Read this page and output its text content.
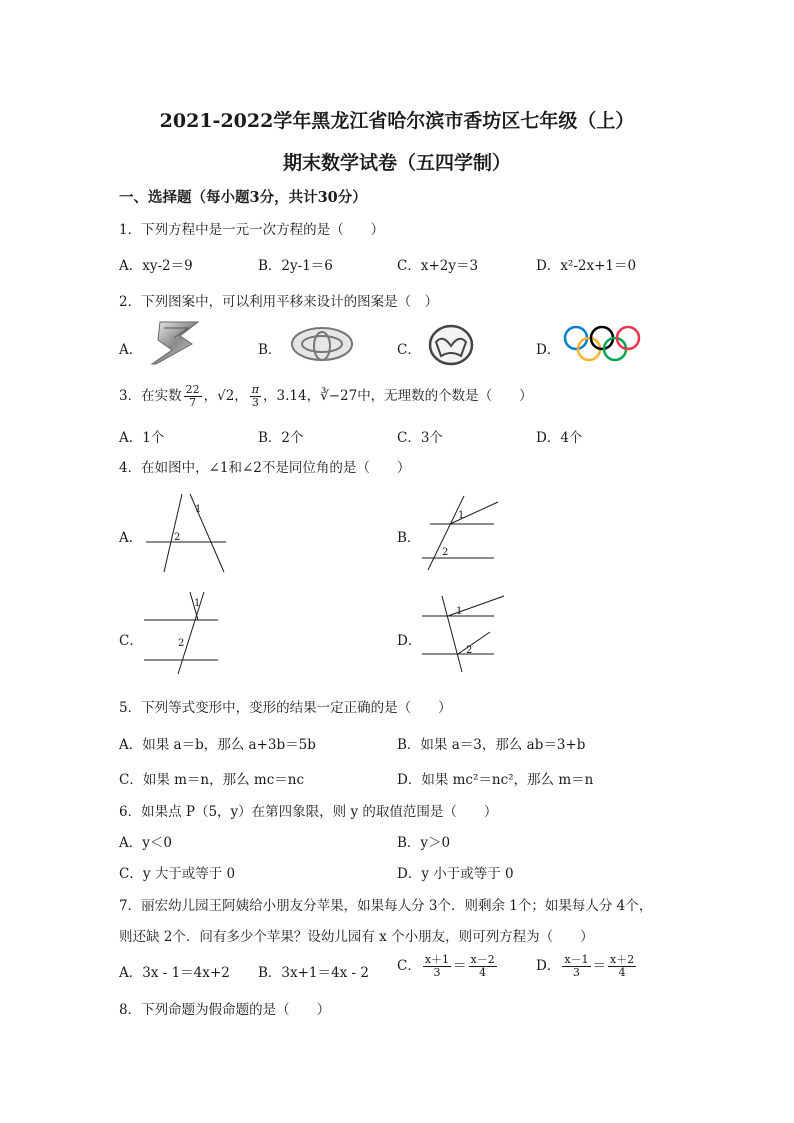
2021-2022学年黑龙江省哈尔滨市香坊区七年级（上）
期末数学试卷（五四学制）
一、选择题（每小题3分，共计30分）
1．下列方程中是一元一次方程的是（　　）
A．xy-2＝9	B．2y-1＝6	C．x+2y＝3	D．x²-2x+1＝0
2．下列图案中，可以利用平移来设计的图案是（　）
A．	B．	C．	D．
3．在实数 $\frac{22}{7}$ ，√2， $\frac{\pi}{3}$ ，3.14，∛−27中，无理数的个数是（　　）
A．1个	B．2个	C．3个	D．4个
4．在如图中，∠1和∠2不是同位角的是（　　）
A．
1
2	B．
1
2
C．
1
2	D．
1
2
5．下列等式变形中，变形的结果一定正确的是（　　）
A．如果 a＝b，那么 a+3b＝5b	B．如果 a＝3，那么 ab＝3+b
C．如果 m＝n，那么 mc＝nc	D．如果 mc²＝nc²，那么 m＝n
6．如果点 P（5，y）在第四象限，则 y 的取值范围是（　　）
A．y＜0	B．y＞0
C．y 大于或等于 0	D．y 小于或等于 0
7．丽宏幼儿园王阿姨给小朋友分苹果，如果每人分 3个．则剩余 1个；如果每人分 4个，
则还缺 2个．问有多少个苹果？设幼儿园有 x 个小朋友，则可列方程为（　　）
A．3x - 1＝4x+2 B．3x+1＝4x - 2 C． $\frac{x+1}{3} = \frac{x-2}{4}$	D． $\frac{x-1}{3} = \frac{x+2}{4}$
8．下列命题为假命题的是（　　）
